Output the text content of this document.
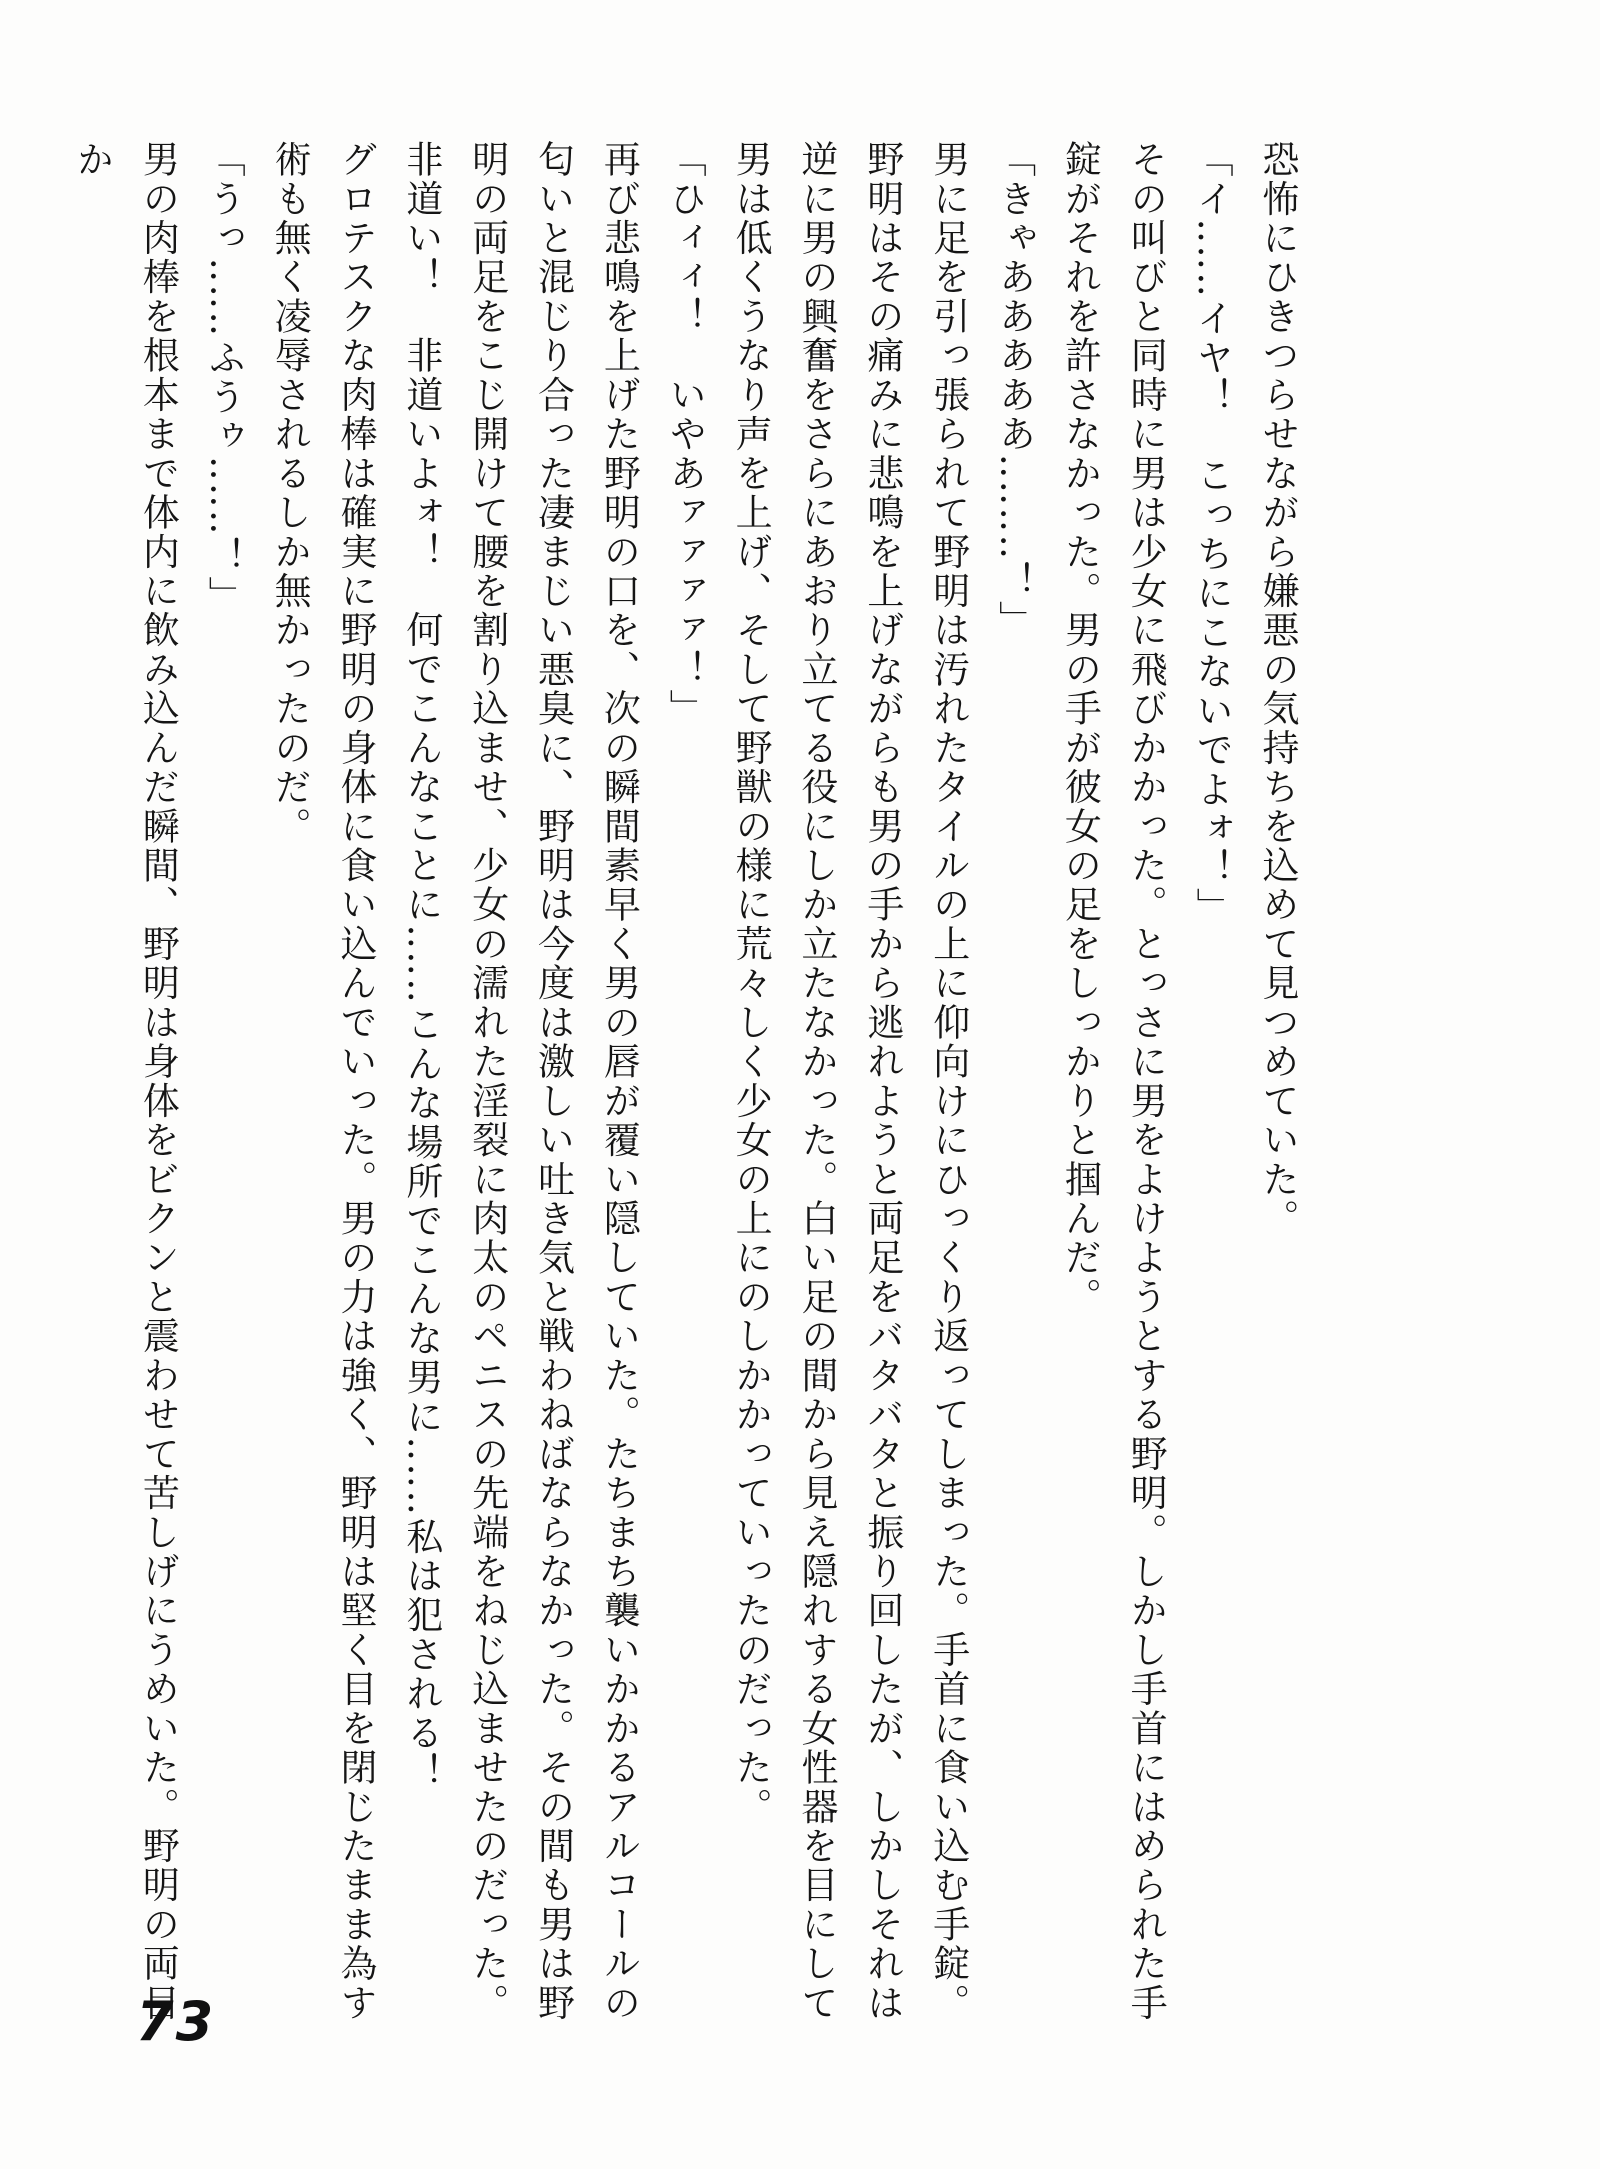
恐怖にひきつらせながら嫌悪の気持ちを込めて見つめていた。

「イ‥‥‥イヤ！　こっちにこないでよォ！」

その叫びと同時に男は少女に飛びかかった。とっさに男をよけようとする野明。しかし手首にはめられた手錠がそれを許さなかった。男の手が彼女の足をしっかりと掴んだ。

「きゃあああああ‥‥‥‥！」

男に足を引っ張られて野明は汚れたタイルの上に仰向けにひっくり返ってしまった。手首に食い込む手錠。野明はその痛みに悲鳴を上げながらも男の手から逃れようと両足をバタバタと振り回したが、しかしそれは逆に男の興奮をさらにあおり立てる役にしか立たなかった。白い足の間から見え隠れする女性器を目にして男は低くうなり声を上げ、そして野獣の様に荒々しく少女の上にのしかかっていったのだった。

「ひィィ！　いやあァァァァ！」

再び悲鳴を上げた野明の口を、次の瞬間素早く男の唇が覆い隠していた。たちまち襲いかかるアルコールの匂いと混じり合った凄まじい悪臭に、野明は今度は激しい吐き気と戦わねばならなかった。その間も男は野明の両足をこじ開けて腰を割り込ませ、少女の濡れた淫裂に肉太のペニスの先端をねじ込ませたのだった。

非道い！　非道いよォ！　何でこんなことに‥‥‥こんな場所でこんな男に‥‥‥私は犯される！

グロテスクな肉棒は確実に野明の身体に食い込んでいった。男の力は強く、野明は堅く目を閉じたまま為す術も無く凌辱されるしか無かったのだ。

「うっ‥‥‥ふうゥ‥‥‥！」

男の肉棒を根本まで体内に飲み込んだ瞬間、野明は身体をビクンと震わせて苦しげにうめいた。野明の両目か

73
